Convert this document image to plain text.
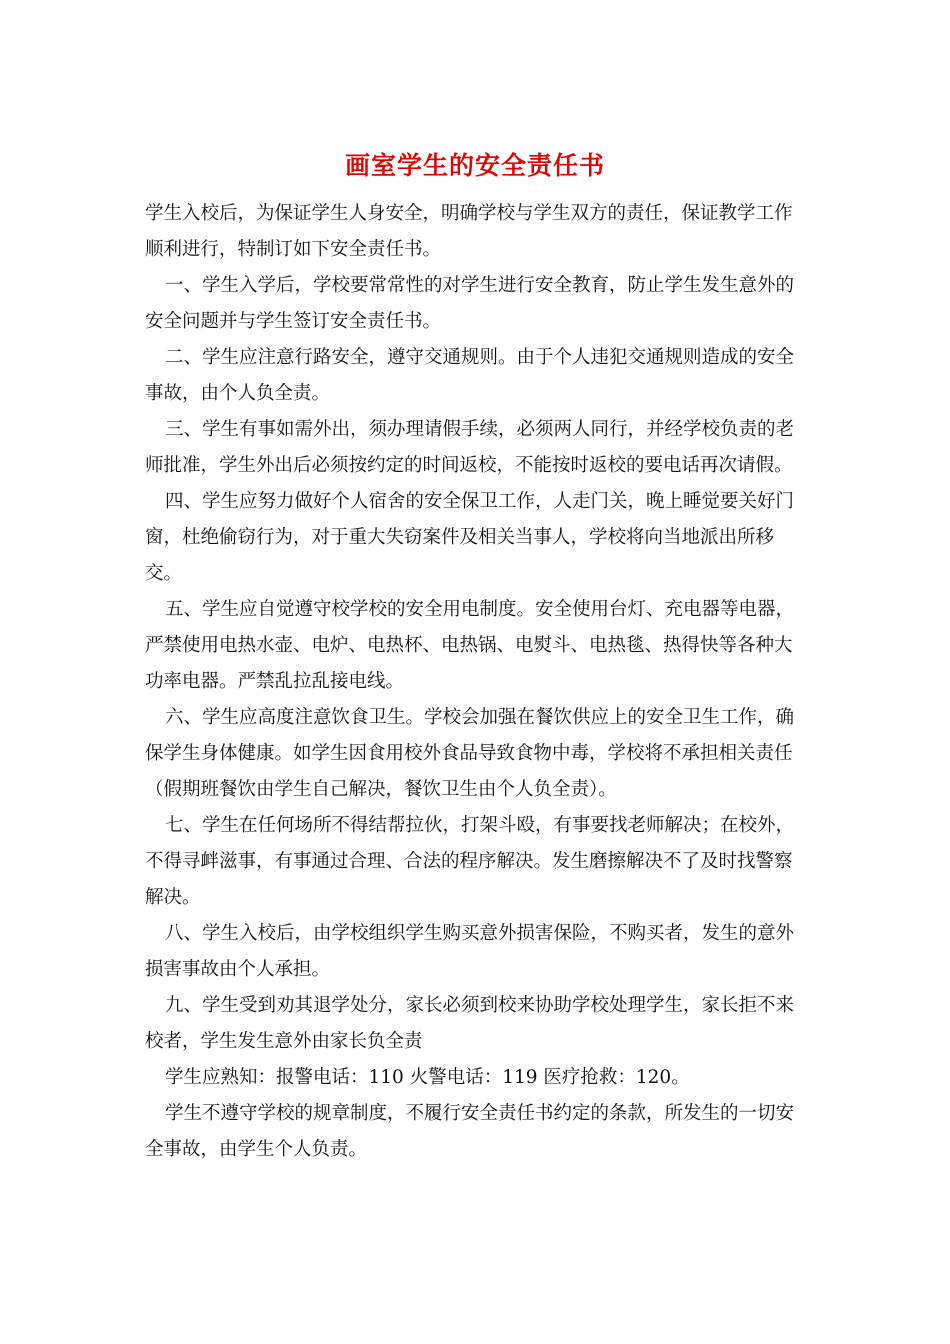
画室学生的安全责任书

学生入校后，为保证学生人身安全，明确学校与学生双方的责任，保证教学工作顺利进行，特制订如下安全责任书。

一、学生入学后，学校要常常性的对学生进行安全教育，防止学生发生意外的安全问题并与学生签订安全责任书。

二、学生应注意行路安全，遵守交通规则。由于个人违犯交通规则造成的安全事故，由个人负全责。

三、学生有事如需外出，须办理请假手续，必须两人同行，并经学校负责的老师批准，学生外出后必须按约定的时间返校，不能按时返校的要电话再次请假。

四、学生应努力做好个人宿舍的安全保卫工作，人走门关，晚上睡觉要关好门窗，杜绝偷窃行为，对于重大失窃案件及相关当事人，学校将向当地派出所移交。

五、学生应自觉遵守校学校的安全用电制度。安全使用台灯、充电器等电器，严禁使用电热水壶、电炉、电热杯、电热锅、电熨斗、电热毯、热得快等各种大功率电器。严禁乱拉乱接电线。

六、学生应高度注意饮食卫生。学校会加强在餐饮供应上的安全卫生工作，确保学生身体健康。如学生因食用校外食品导致食物中毒，学校将不承担相关责任（假期班餐饮由学生自己解决，餐饮卫生由个人负全责）。

七、学生在任何场所不得结帮拉伙，打架斗殴，有事要找老师解决；在校外，不得寻衅滋事，有事通过合理、合法的程序解决。发生磨擦解决不了及时找警察解决。

八、学生入校后，由学校组织学生购买意外损害保险，不购买者，发生的意外损害事故由个人承担。

九、学生受到劝其退学处分，家长必须到校来协助学校处理学生，家长拒不来校者，学生发生意外由家长负全责

学生应熟知：报警电话：110 火警电话：119 医疗抢救：120。

学生不遵守学校的规章制度，不履行安全责任书约定的条款，所发生的一切安全事故，由学生个人负责。
